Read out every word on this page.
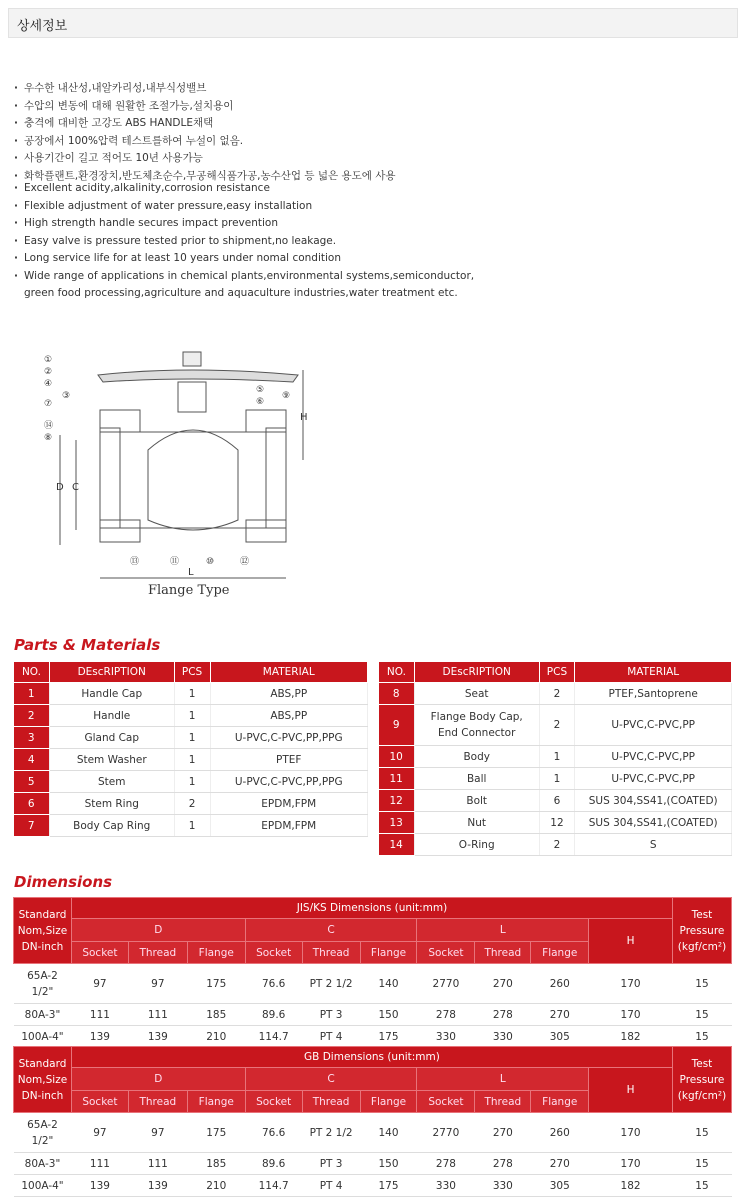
상세정보
· 우수한 내산성,내알카리성,내부식성밸브
· 수압의 변동에 대해 원활한 조절가능,설치용이
· 충격에 대비한 고강도 ABS HANDLE채택
· 공장에서 100%압력 테스트를하여 누설이 없음.
· 사용기간이 길고 적어도 10년 사용가능
· 화학플랜트,환경장치,반도체초순수,무공해식품가공,농수산업 등 넓은 용도에 사용
· Excellent acidity,alkalinity,corrosion resistance
· Flexible adjustment of water pressure,easy installation
· High strength handle secures impact prevention
· Easy valve is pressure tested prior to shipment,no leakage.
· Long service life for at least 10 years under nomal condition
· Wide range of applications in chemical plants,environmental systems,semiconductor,
green food processing,agriculture and aquaculture industries,water treatment etc.
①
②
④
⑦
③
⑤
⑥
⑨
⑭
⑧
⑬	⑪	⑩	⑫
D C
L
H
Flange Type
Parts & Materials
NO.	DEscRIPTION	PCS	MATERIAL
1	Handle Cap	1	ABS,PP
2	Handle	1	ABS,PP
3	Gland Cap	1	U-PVC,C-PVC,PP,PPG
4	Stem Washer	1	PTEF
5	Stem	1	U-PVC,C-PVC,PP,PPG
6	Stem Ring	2	EPDM,FPM
7	Body Cap Ring	1	EPDM,FPM
NO.	DEscRIPTION	PCS	MATERIAL
8	Seat	2	PTEF,Santoprene
9	Flange Body Cap, End Connector	2	U-PVC,C-PVC,PP
10	Body	1	U-PVC,C-PVC,PP
11	Ball	1	U-PVC,C-PVC,PP
12	Bolt	6	SUS 304,SS41,(COATED)
13	Nut	12	SUS 304,SS41,(COATED)
14	O-Ring	2	S
Dimensions
Standard Nom,Size DN-inch	JIS/KS Dimensions (unit:mm)										Test Pressure (kgf/cm²)
	D			C			L			H	
	Socket	Thread	Flange	Socket	Thread	Flange	Socket	Thread	Flange		
65A-2 1/2"	97	97	175	76.6	PT 2 1/2	140	2770	270	260	170	15
80A-3"	111	111	185	89.6	PT 3	150	278	278	270	170	15
100A-4"	139	139	210	114.7	PT 4	175	330	330	305	182	15
Standard Nom,Size DN-inch	GB Dimensions (unit:mm)										Test Pressure (kgf/cm²)
	D			C			L			H	
	Socket	Thread	Flange	Socket	Thread	Flange	Socket	Thread	Flange		
65A-2 1/2"	97	97	175	76.6	PT 2 1/2	140	2770	270	260	170	15
80A-3"	111	111	185	89.6	PT 3	150	278	278	270	170	15
100A-4"	139	139	210	114.7	PT 4	175	330	330	305	182	15
